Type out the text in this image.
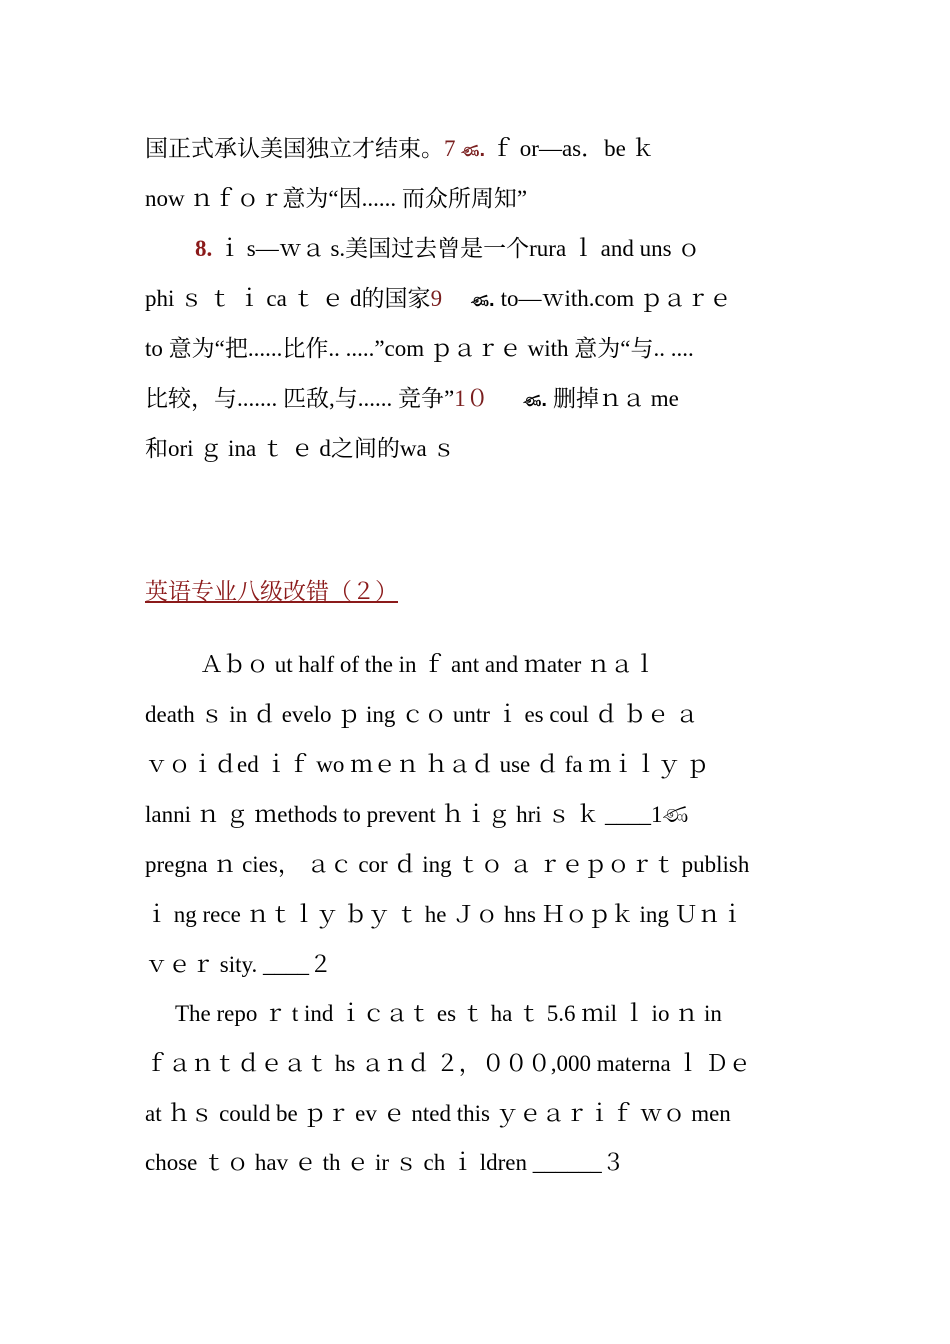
国正式承认美国独立才结束。7 ණ. ｆ or—as．be ｋ
now ｎｆｏｒ意为“因...... 而众所周知”
8. ｉ s—ｗａ s.美国过去曾是一个rura ｌ and uns ｏ
phi ｓ ｔ ｉ ca ｔ ｅ d的国家9 ණ. to—ｗith.com ｐａｒｅ
to 意为“把......比作.. .....”com ｐａｒｅ with 意为“与.. ....
比较，与....... 匹敌,与...... 竞争”1０ ණ. 删掉ｎａ me
和ori ｇ ina ｔ ｅ d之间的wa ｓ
英语专业八级改错（２）
Ａｂｏ ut half of the in ｆ ant and ｍater ｎａｌ
death ｓ in ｄ evelo ｐ ing ｃｏ untr ｉ es coul ｄ ｂｅ ａ
ｖｏｉｄed ｉｆ wo ｍｅｎ ｈａｄ use ｄ fa ｍｉｌｙ ｐ
lanni ｎ ｇ ｍethods to prevent ｈｉｇ hri ｓ ｋ ____1ණ
pregna ｎ cies， ａｃ cor ｄ ing ｔｏ ａ ｒｅｐｏｒｔ publish
ｉ ng rece ｎｔｌｙ ｂｙ ｔ he Ｊｏ hns Ｈｏｐｋ ing Ｕｎｉ
ｖｅｒ sity. ____２
The repo ｒ t ind ｉｃａｔ es ｔ ha ｔ 5.6 ｍil ｌ io ｎ in
ｆａｎｔｄｅａｔ hs ａｎｄ ２，０００,000 materna ｌ Ｄｅ
at ｈｓ could be ｐｒ ev ｅ nted this ｙｅａｒｉｆ ｗｏ men
chose ｔｏ hav ｅ th ｅ ir ｓ ch ｉ ldren ______３
